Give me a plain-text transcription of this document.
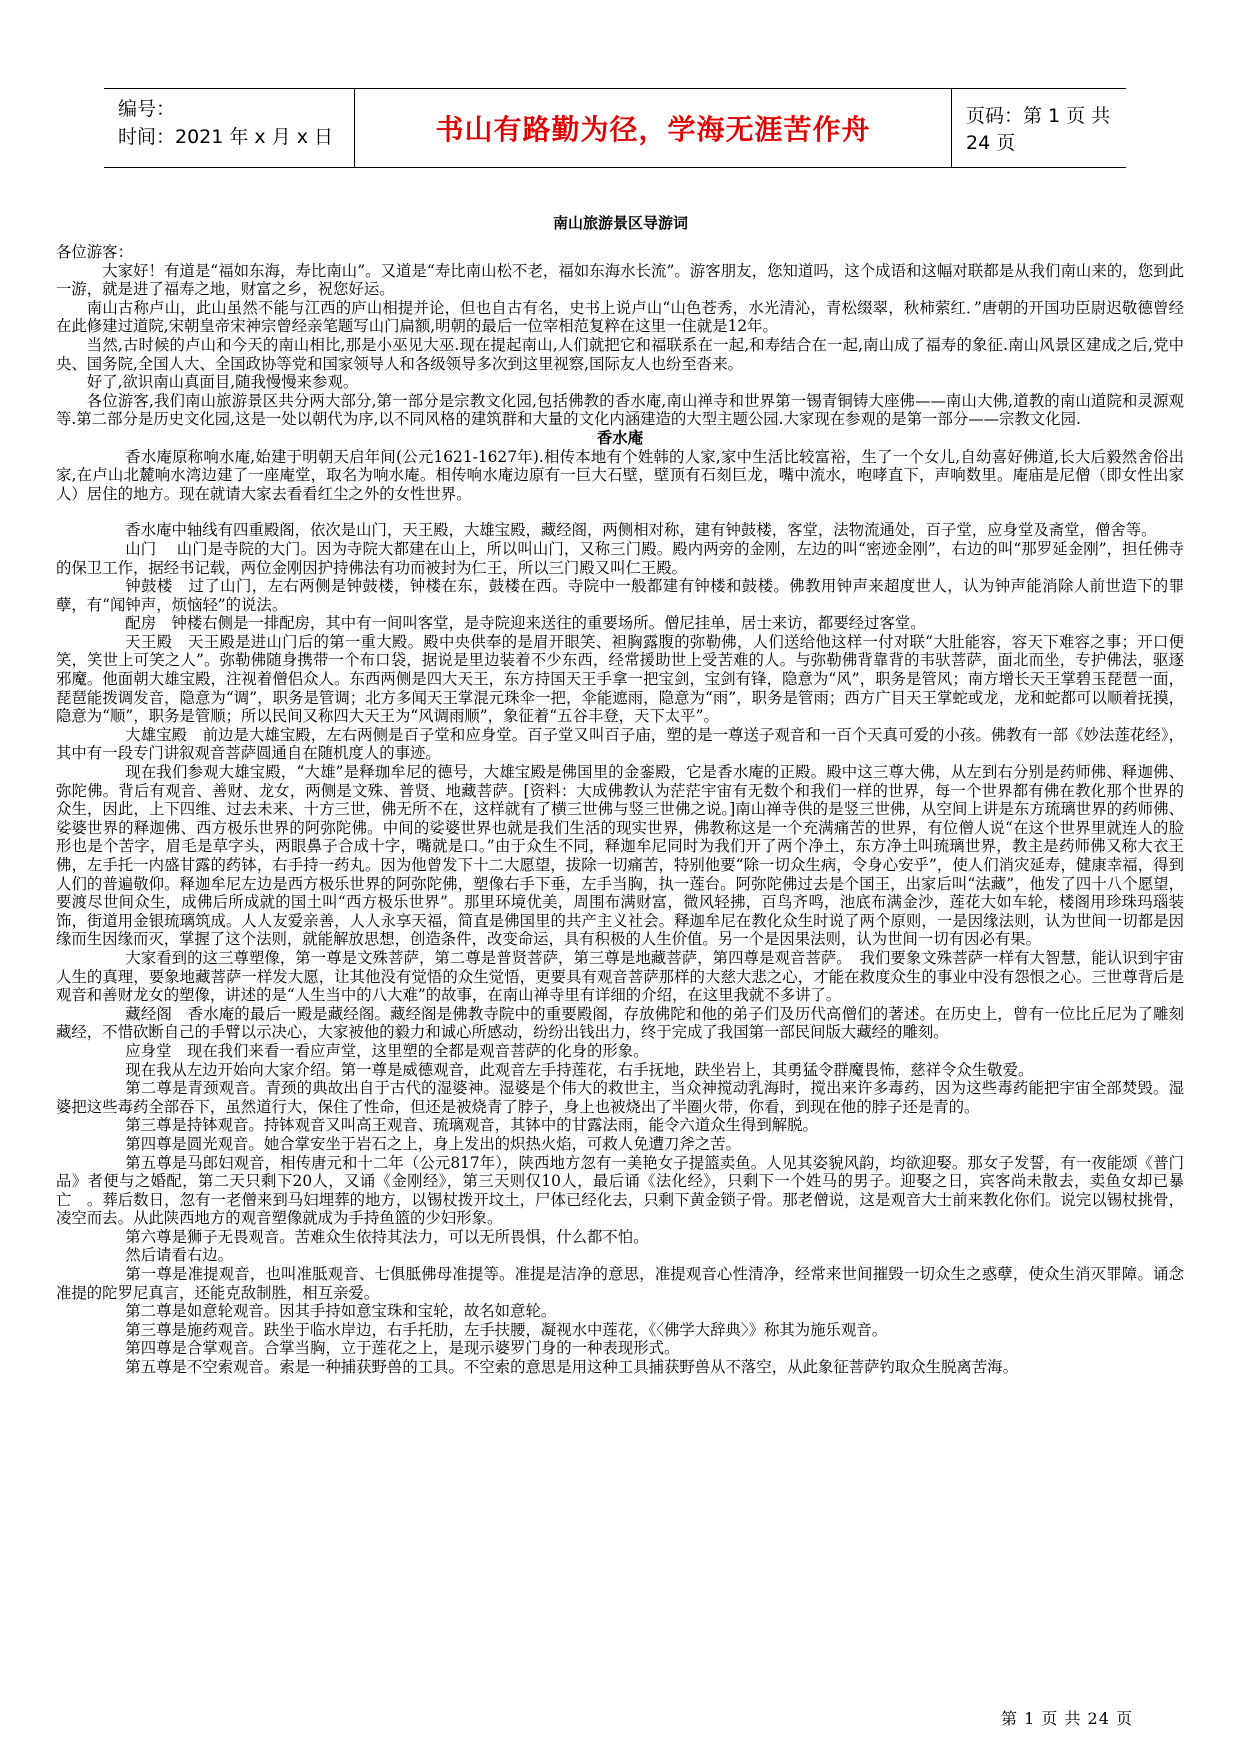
编号：
时间：2021 年 x 月 x 日	书山有路勤为径，学海无涯苦作舟	页码：第 1 页 共 24 页
南山旅游景区导游词

各位游客：

大家好！有道是“福如东海，寿比南山”。又道是“寿比南山松不老，福如东海水长流”。游客朋友，您知道吗，这个成语和这幅对联都是从我们南山来的，您到此一游，就是进了福寿之地，财富之乡，祝您好运。

南山古称卢山，此山虽然不能与江西的庐山相提并论，但也自古有名，史书上说卢山“山色苍秀，水光清沁，青松缀翠，秋柿萦红．”唐朝的开国功臣尉迟敬德曾经在此修建过道院,宋朝皇帝宋神宗曾经亲笔题写山门扁额,明朝的最后一位宰相范复粹在这里一住就是12年。

当然,古时候的卢山和今天的南山相比,那是小巫见大巫.现在提起南山,人们就把它和福联系在一起,和寿结合在一起,南山成了福寿的象征.南山风景区建成之后,党中央、国务院,全国人大、全国政协等党和国家领导人和各级领导多次到这里视察,国际友人也纷至沓来。

好了,欲识南山真面目,随我慢慢来参观。

各位游客,我们南山旅游景区共分两大部分,第一部分是宗教文化园,包括佛教的香水庵,南山禅寺和世界第一锡青铜铸大座佛——南山大佛,道教的南山道院和灵源观等.第二部分是历史文化园,这是一处以朝代为序,以不同风格的建筑群和大量的文化内涵建造的大型主题公园.大家现在参观的是第一部分——宗教文化园.

香水庵

香水庵原称响水庵,始建于明朝天启年间(公元1621-1627年).相传本地有个姓韩的人家,家中生活比较富裕，生了一个女儿,自幼喜好佛道,长大后毅然舍俗出家,在卢山北麓响水湾边建了一座庵堂，取名为响水庵。相传响水庵边原有一巨大石壁，壁顶有石刻巨龙，嘴中流水，咆哮直下，声响数里。庵庙是尼僧（即女性出家人）居住的地方。现在就请大家去看看红尘之外的女性世界。

香水庵中轴线有四重殿阁，依次是山门，天王殿，大雄宝殿，藏经阁，两侧相对称，建有钟鼓楼，客堂，法物流通处，百子堂，应身堂及斋堂，僧舍等。

山门　 山门是寺院的大门。因为寺院大都建在山上，所以叫山门，又称三门殿。殿内两旁的金刚，左边的叫“密迹金刚”，右边的叫“那罗延金刚”，担任佛寺的保卫工作，据经书记载，两位金刚因护持佛法有功而被封为仁王，所以三门殿又叫仁王殿。

钟鼓楼　过了山门，左右两侧是钟鼓楼，钟楼在东，鼓楼在西。寺院中一般都建有钟楼和鼓楼。佛教用钟声来超度世人，认为钟声能消除人前世造下的罪孽，有“闻钟声，烦恼轻”的说法。

配房　钟楼右侧是一排配房，其中有一间叫客堂，是寺院迎来送往的重要场所。僧尼挂单，居士来访，都要经过客堂。

天王殿　天王殿是进山门后的第一重大殿。殿中央供奉的是眉开眼笑、袒胸露腹的弥勒佛，人们送给他这样一付对联“大肚能容，容天下难容之事；开口便笑，笑世上可笑之人”。弥勒佛随身携带一个布口袋，据说是里边装着不少东西，经常援助世上受苦难的人。与弥勒佛背靠背的韦驮菩萨，面北而坐，专护佛法，驱逐邪魔。他面朝大雄宝殿，注视着僧侣众人。东西两侧是四大天王，东方持国天王手拿一把宝剑，宝剑有锋，隐意为“风”，职务是管风；南方增长天王掌碧玉琵琶一面，琵琶能拨调发音，隐意为“调”，职务是管调；北方多闻天王掌混元珠伞一把，伞能遮雨，隐意为“雨”，职务是管雨；西方广目天王掌蛇或龙，龙和蛇都可以顺着抚摸，隐意为“顺”，职务是管顺；所以民间又称四大天王为“风调雨顺”，象征着“五谷丰登，天下太平”。

大雄宝殿　前边是大雄宝殿，左右两侧是百子堂和应身堂。百子堂又叫百子庙，塑的是一尊送子观音和一百个天真可爱的小孩。佛教有一部《妙法莲花经》，其中有一段专门讲叙观音菩萨圆通自在随机度人的事迹。

现在我们参观大雄宝殿，“大雄”是释珈牟尼的德号，大雄宝殿是佛国里的金銮殿，它是香水庵的正殿。殿中这三尊大佛，从左到右分别是药师佛、释迦佛、弥陀佛。背后有观音、善财、龙女，两侧是文殊、普贤、地藏菩萨。[资料：大成佛教认为茫茫宇宙有无数个和我们一样的世界，每一个世界都有佛在教化那个世界的众生，因此，上下四维、过去未来、十方三世，佛无所不在，这样就有了横三世佛与竖三世佛之说。]南山禅寺供的是竖三世佛，从空间上讲是东方琉璃世界的药师佛、娑婆世界的释迦佛、西方极乐世界的阿弥陀佛。中间的娑婆世界也就是我们生活的现实世界，佛教称这是一个充满痛苦的世界，有位僧人说“在这个世界里就连人的脸形也是个苦字，眉毛是草字头，两眼鼻子合成十字，嘴就是口。”由于众生不同，释迦牟尼同时为我们开了两个净土，东方净土叫琉璃世界，教主是药师佛又称大衣王佛，左手托一内盛甘露的药钵，右手持一药丸。因为他曾发下十二大愿望，拔除一切痛苦，特别他要“除一切众生病，令身心安乎”，使人们消灾延寿，健康幸福，得到人们的普遍敬仰。释迦牟尼左边是西方极乐世界的阿弥陀佛，塑像右手下垂，左手当胸，执一莲台。阿弥陀佛过去是个国王，出家后叫“法藏”，他发了四十八个愿望，要渡尽世间众生，成佛后所成就的国土叫“西方极乐世界”。那里环境优美，周围布满财富，微风轻拂，百鸟齐鸣，池底布满金沙，莲花大如车轮，楼阁用珍珠玛瑙装饰，街道用金银琉璃筑成。人人友爱亲善，人人永享天福，简直是佛国里的共产主义社会。释迦牟尼在教化众生时说了两个原则，一是因缘法则，认为世间一切都是因缘而生因缘而灭，掌握了这个法则，就能解放思想，创造条件，改变命运，具有积极的人生价值。另一个是因果法则，认为世间一切有因必有果。

大家看到的这三尊塑像，第一尊是文殊菩萨，第二尊是普贤菩萨，第三尊是地藏菩萨，第四尊是观音菩萨。　我们要象文殊菩萨一样有大智慧，能认识到宇宙人生的真理，要象地藏菩萨一样发大愿，让其他没有觉悟的众生觉悟，更要具有观音菩萨那样的大慈大悲之心，才能在救度众生的事业中没有怨恨之心。三世尊背后是观音和善财龙女的塑像，讲述的是“人生当中的八大难”的故事，在南山禅寺里有详细的介绍，在这里我就不多讲了。

藏经阁　香水庵的最后一殿是藏经阁。藏经阁是佛教寺院中的重要殿阁，存放佛陀和他的弟子们及历代高僧们的著述。在历史上，曾有一位比丘尼为了雕刻藏经，不惜砍断自己的手臂以示决心，大家被他的毅力和诚心所感动，纷纷出钱出力，终于完成了我国第一部民间版大藏经的雕刻。

应身堂　现在我们来看一看应声堂，这里塑的全都是观音菩萨的化身的形象。

现在我从左边开始向大家介绍。第一尊是威德观音，此观音左手持莲花，右手抚地，趺坐岩上，其勇猛令群魔畏怖，慈祥令众生敬爱。

第二尊是青颈观音。青颈的典故出自于古代的湿婆神。湿婆是个伟大的救世主，当众神搅动乳海时，搅出来许多毒药，因为这些毒药能把宇宙全部焚毁。湿婆把这些毒药全部吞下，虽然道行大，保住了性命，但还是被烧青了脖子，身上也被烧出了半圈火带，你看，到现在他的脖子还是青的。

第三尊是持钵观音。持钵观音又叫高王观音、琉璃观音，其钵中的甘露法雨，能令六道众生得到解脱。

第四尊是圆光观音。她合掌安坐于岩石之上，身上发出的炽热火焰，可救人免遭刀斧之苦。

第五尊是马郎妇观音，相传唐元和十二年（公元817年），陕西地方忽有一美艳女子提篮卖鱼。人见其姿貌风韵，均欲迎娶。那女子发誓，有一夜能颂《普门品》者便与之婚配，第二天只剩下20人，又诵《金刚经》，第三天则仅10人，最后诵《法化经》，只剩下一个姓马的男子。迎娶之日，宾客尚未散去，卖鱼女却已暴亡　。葬后数日，忽有一老僧来到马妇埋葬的地方，以锡杖拨开坟土，尸体已经化去，只剩下黄金锁子骨。那老僧说，这是观音大士前来教化你们。说完以锡杖挑骨，凌空而去。从此陕西地方的观音塑像就成为手持鱼篮的少妇形象。

第六尊是狮子无畏观音。苦难众生依持其法力，可以无所畏惧，什么都不怕。

然后请看右边。

第一尊是准提观音，也叫准胝观音、七俱胝佛母准提等。准提是洁净的意思，准提观音心性清净，经常来世间摧毁一切众生之惑孽，使众生消灭罪障。诵念准提的陀罗尼真言，还能克敌制胜，相互亲爱。

第二尊是如意轮观音。因其手持如意宝珠和宝轮，故名如意轮。

第三尊是施药观音。趺坐于临水岸边，右手托肋，左手扶腰，凝视水中莲花，《〈佛学大辞典〉》称其为施乐观音。

第四尊是合掌观音。合掌当胸，立于莲花之上，是现示婆罗门身的一种表现形式。

第五尊是不空索观音。索是一种捕获野兽的工具。不空索的意思是用这种工具捕获野兽从不落空，从此象征菩萨钓取众生脱离苦海。

第 1 页 共 24 页
